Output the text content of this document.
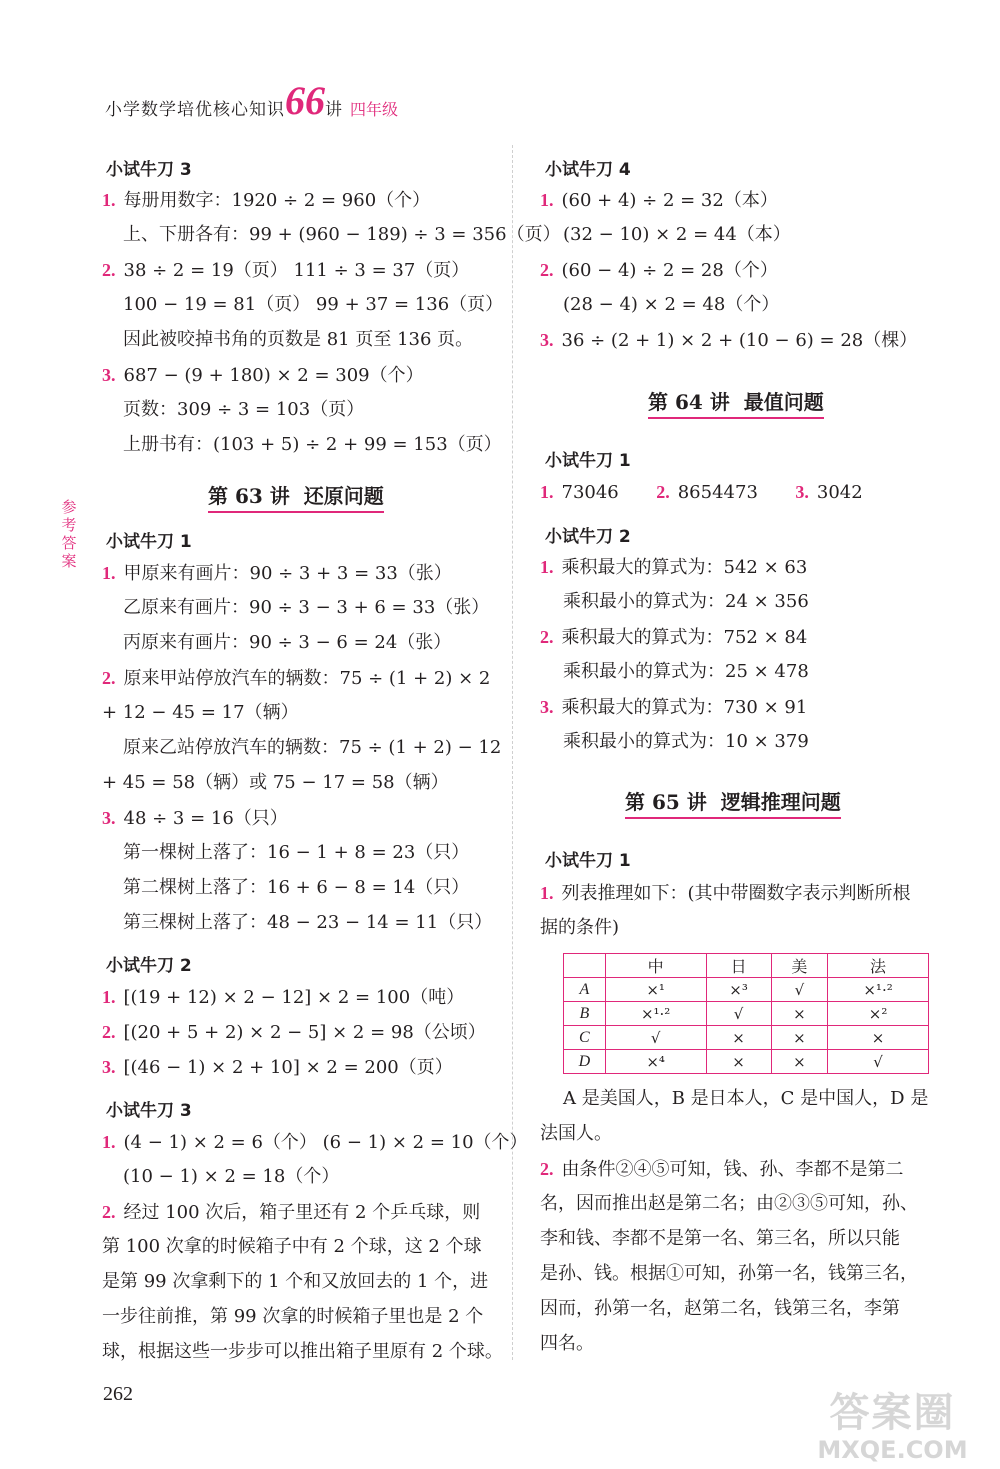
小学数学培优核心知识66讲 四年级
参考答案
小试牛刀 3
1. 每册用数字：1920 ÷ 2 = 960（个）
上、下册各有：99 + (960 − 189) ÷ 3 = 356（页）
2. 38 ÷ 2 = 19（页） 111 ÷ 3 = 37（页）
100 − 19 = 81（页） 99 + 37 = 136（页）
因此被咬掉书角的页数是 81 页至 136 页。
3. 687 − (9 + 180) × 2 = 309（个）
页数：309 ÷ 3 = 103（页）
上册书有：(103 + 5) ÷ 2 + 99 = 153（页）
第 63 讲 还原问题
小试牛刀 1
1. 甲原来有画片：90 ÷ 3 + 3 = 33（张）
乙原来有画片：90 ÷ 3 − 3 + 6 = 33（张）
丙原来有画片：90 ÷ 3 − 6 = 24（张）
2. 原来甲站停放汽车的辆数：75 ÷ (1 + 2) × 2
+ 12 − 45 = 17（辆）
原来乙站停放汽车的辆数：75 ÷ (1 + 2) − 12
+ 45 = 58（辆）或 75 − 17 = 58（辆）
3. 48 ÷ 3 = 16（只）
第一棵树上落了：16 − 1 + 8 = 23（只）
第二棵树上落了：16 + 6 − 8 = 14（只）
第三棵树上落了：48 − 23 − 14 = 11（只）
小试牛刀 2
1. [(19 + 12) × 2 − 12] × 2 = 100（吨）
2. [(20 + 5 + 2) × 2 − 5] × 2 = 98（公顷）
3. [(46 − 1) × 2 + 10] × 2 = 200（页）
小试牛刀 3
1. (4 − 1) × 2 = 6（个） (6 − 1) × 2 = 10（个）
(10 − 1) × 2 = 18（个）
2. 经过 100 次后，箱子里还有 2 个乒乓球，则
第 100 次拿的时候箱子中有 2 个球，这 2 个球
是第 99 次拿剩下的 1 个和又放回去的 1 个，进
一步往前推，第 99 次拿的时候箱子里也是 2 个
球，根据这些一步步可以推出箱子里原有 2 个球。
小试牛刀 4
1. (60 + 4) ÷ 2 = 32（本）
(32 − 10) × 2 = 44（本）
2. (60 − 4) ÷ 2 = 28（个）
(28 − 4) × 2 = 48（个）
3. 36 ÷ (2 + 1) × 2 + (10 − 6) = 28（棵）
第 64 讲 最值问题
小试牛刀 1
1. 73046 2. 8654473 3. 3042
小试牛刀 2
1. 乘积最大的算式为：542 × 63
乘积最小的算式为：24 × 356
2. 乘积最大的算式为：752 × 84
乘积最小的算式为：25 × 478
3. 乘积最大的算式为：730 × 91
乘积最小的算式为：10 × 379
第 65 讲 逻辑推理问题
小试牛刀 1
1. 列表推理如下：(其中带圈数字表示判断所根
据的条件)
	中	日	美	法
A	×¹	×³	√	×¹·²
B	×¹·²	√	×	×²
C	√	×	×	×
D	×⁴	×	×	√
A 是美国人，B 是日本人，C 是中国人，D 是
法国人。
2. 由条件②④⑤可知，钱、孙、李都不是第二
名，因而推出赵是第二名；由②③⑤可知，孙、
李和钱、李都不是第一名、第三名，所以只能
是孙、钱。根据①可知，孙第一名，钱第三名，
因而，孙第一名，赵第二名，钱第三名，李第
四名。
262	答案圈
MXQE.COM
